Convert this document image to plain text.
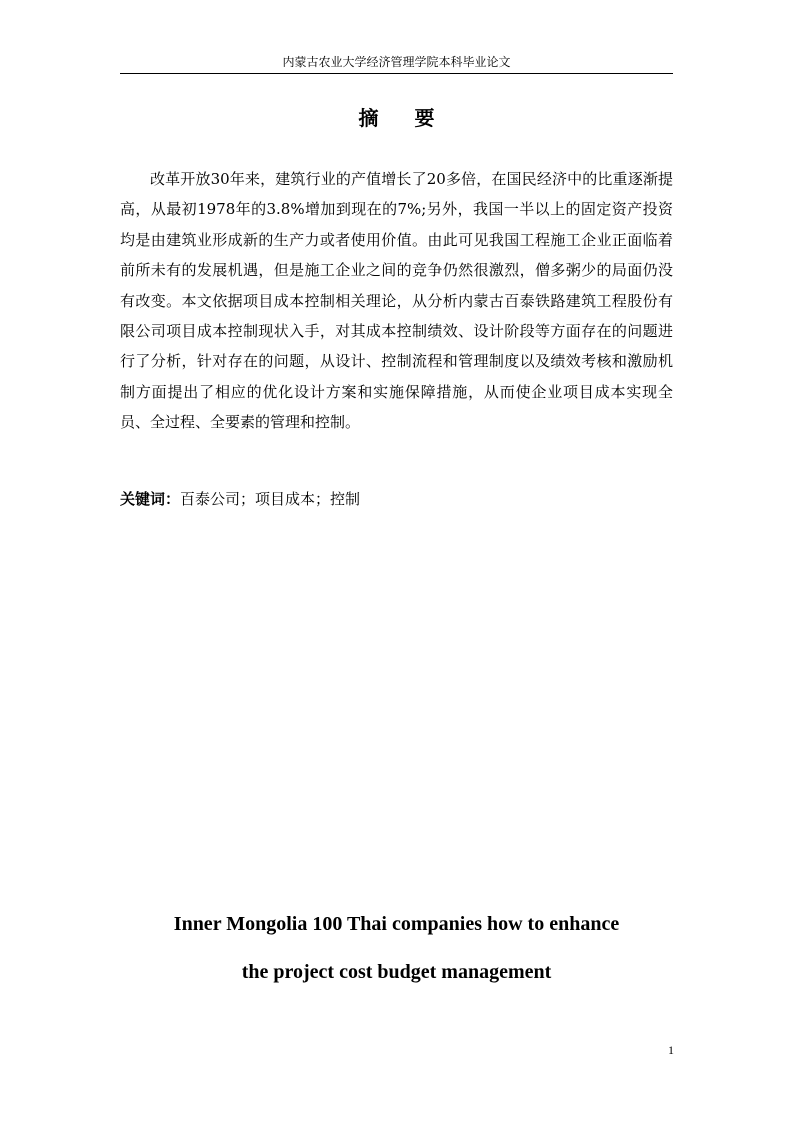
内蒙古农业大学经济管理学院本科毕业论文
摘要

改革开放30年来，建筑行业的产值增长了20多倍，在国民经济中的比重逐渐提高，从最初1978年的3.8%增加到现在的7%;另外，我国一半以上的固定资产投资均是由建筑业形成新的生产力或者使用价值。由此可见我国工程施工企业正面临着前所未有的发展机遇，但是施工企业之间的竞争仍然很激烈，僧多粥少的局面仍没有改变。本文依据项目成本控制相关理论，从分析内蒙古百泰铁路建筑工程股份有限公司项目成本控制现状入手，对其成本控制绩效、设计阶段等方面存在的问题进行了分析，针对存在的问题，从设计、控制流程和管理制度以及绩效考核和激励机制方面提出了相应的优化设计方案和实施保障措施，从而使企业项目成本实现全员、全过程、全要素的管理和控制。

关键词：百泰公司；项目成本；控制
Inner Mongolia 100 Thai companies how to enhance
the project cost budget management
1
